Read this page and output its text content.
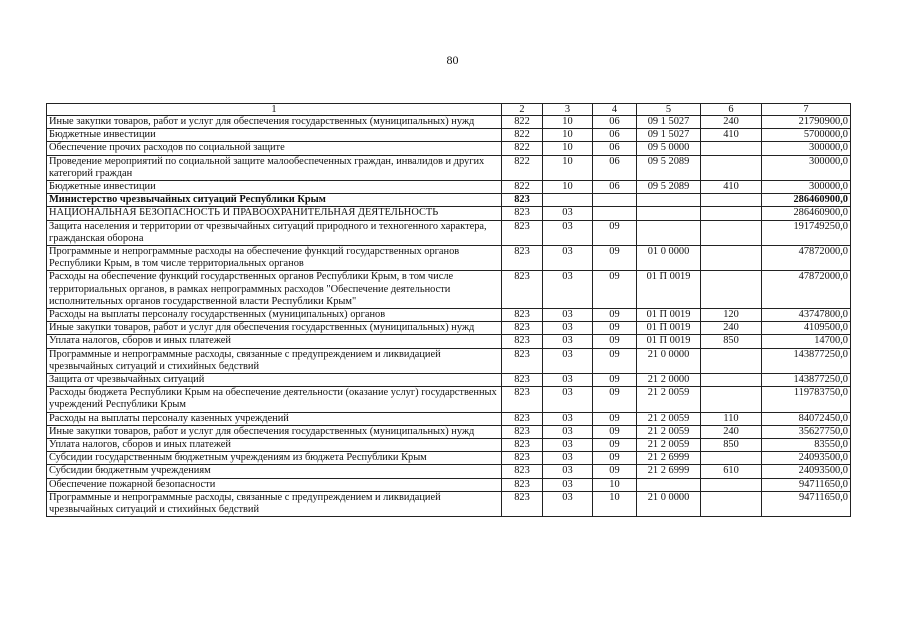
80
1	2	3	4	5	6	7
Иные закупки товаров, работ и услуг для обеспечения государственных (муниципальных) нужд	822	10	06	09 1 5027	240	21790900,0
Бюджетные инвестиции	822	10	06	09 1 5027	410	5700000,0
Обеспечение прочих расходов по социальной защите	822	10	06	09 5 0000		300000,0
Проведение мероприятий по социальной защите малообеспеченных граждан, инвалидов и других категорий граждан	822	10	06	09 5 2089		300000,0
Бюджетные инвестиции	822	10	06	09 5 2089	410	300000,0
Министерство чрезвычайных ситуаций Республики Крым	823					286460900,0
НАЦИОНАЛЬНАЯ БЕЗОПАСНОСТЬ И ПРАВООХРАНИТЕЛЬНАЯ ДЕЯТЕЛЬНОСТЬ	823	03				286460900,0
Защита населения и территории от чрезвычайных ситуаций природного и техногенного характера, гражданская оборона	823	03	09			191749250,0
Программные и непрограммные расходы на обеспечение функций государственных органов Республики Крым, в том числе территориальных органов	823	03	09	01 0 0000		47872000,0
Расходы на обеспечение функций государственных органов Республики Крым, в том числе территориальных органов, в рамках непрограммных расходов "Обеспечение деятельности исполнительных органов государственной власти Республики Крым"	823	03	09	01 П 0019		47872000,0
Расходы на выплаты персоналу государственных (муниципальных) органов	823	03	09	01 П 0019	120	43747800,0
Иные закупки товаров, работ и услуг для обеспечения государственных (муниципальных) нужд	823	03	09	01 П 0019	240	4109500,0
Уплата налогов, сборов и иных платежей	823	03	09	01 П 0019	850	14700,0
Программные и непрограммные расходы, связанные с предупреждением и ликвидацией чрезвычайных ситуаций и стихийных бедствий	823	03	09	21 0 0000		143877250,0
Защита от чрезвычайных ситуаций	823	03	09	21 2 0000		143877250,0
Расходы бюджета Республики Крым на обеспечение деятельности (оказание услуг) государственных учреждений Республики Крым	823	03	09	21 2 0059		119783750,0
Расходы на выплаты персоналу казенных учреждений	823	03	09	21 2 0059	110	84072450,0
Иные закупки товаров, работ и услуг для обеспечения государственных (муниципальных) нужд	823	03	09	21 2 0059	240	35627750,0
Уплата налогов, сборов и иных платежей	823	03	09	21 2 0059	850	83550,0
Субсидии государственным бюджетным учреждениям из бюджета Республики Крым	823	03	09	21 2 6999		24093500,0
Субсидии бюджетным учреждениям	823	03	09	21 2 6999	610	24093500,0
Обеспечение пожарной безопасности	823	03	10			94711650,0
Программные и непрограммные расходы, связанные с предупреждением и ликвидацией чрезвычайных ситуаций и стихийных бедствий	823	03	10	21 0 0000		94711650,0
